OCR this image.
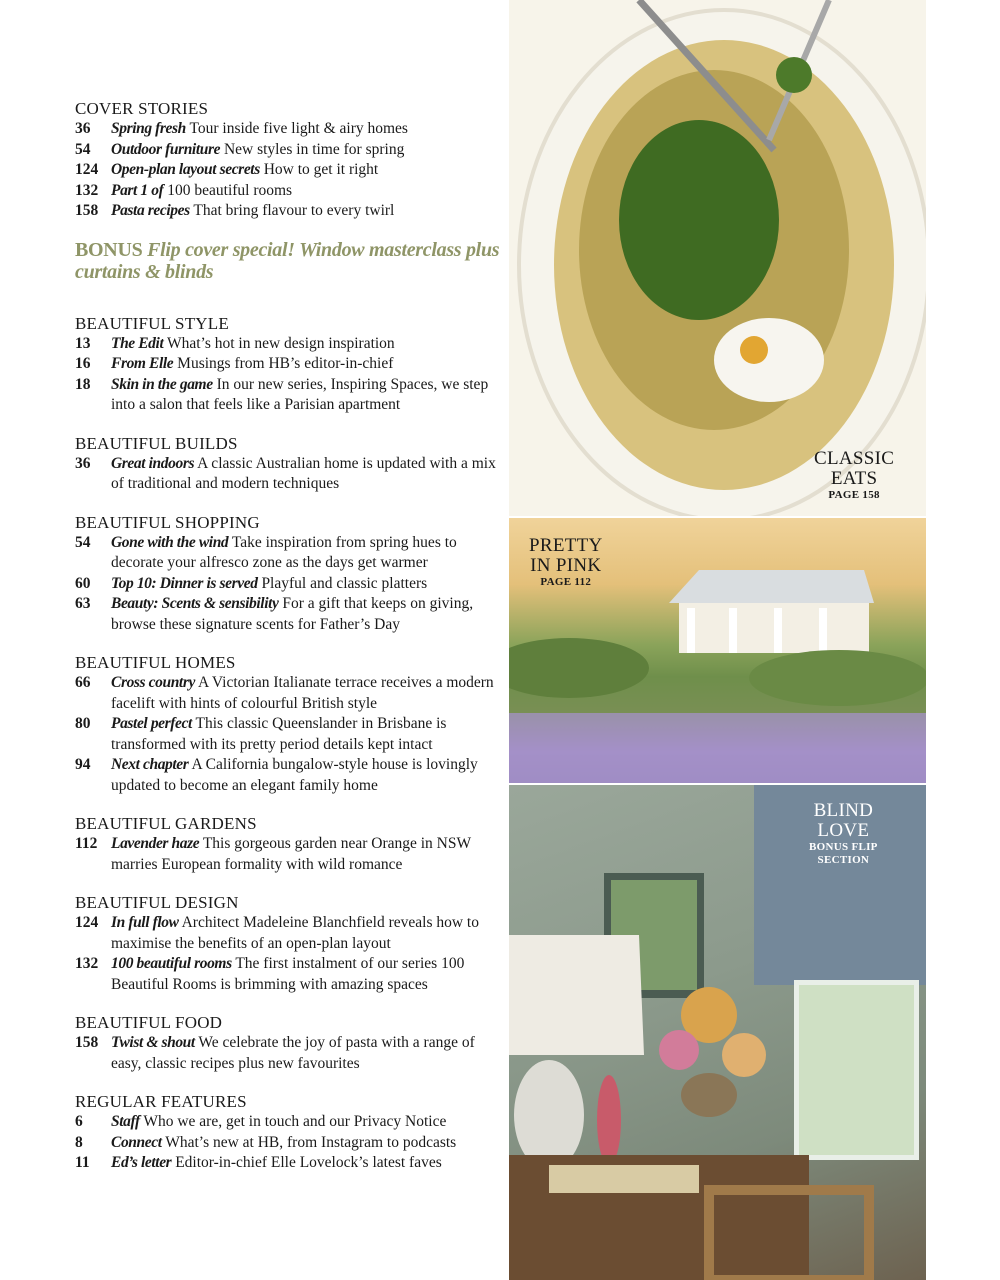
COVER STORIES
36	Spring fresh Tour inside five light & airy homes
54	Outdoor furniture New styles in time for spring
124 Open-plan layout secrets How to get it right
132 Part 1 of 100 beautiful rooms
158 Pasta recipes That bring flavour to every twirl
BONUS Flip cover special! Window masterclass plus curtains & blinds
BEAUTIFUL STYLE
13	The Edit What’s hot in new design inspiration
16	From Elle Musings from HB’s editor-in-chief
18	Skin in the game In our new series, Inspiring Spaces, we step into a salon that feels like a Parisian apartment
BEAUTIFUL BUILDS
36	Great indoors A classic Australian home is updated with a mix of traditional and modern techniques
BEAUTIFUL SHOPPING
54	Gone with the wind Take inspiration from spring hues to decorate your alfresco zone as the days get warmer
60	Top 10: Dinner is served Playful and classic platters
63	Beauty: Scents & sensibility For a gift that keeps on giving, browse these signature scents for Father’s Day
BEAUTIFUL HOMES
66	Cross country A Victorian Italianate terrace receives a modern facelift with hints of colourful British style
80	Pastel perfect This classic Queenslander in Brisbane is transformed with its pretty period details kept intact
94	Next chapter A California bungalow-style house is lovingly updated to become an elegant family home
BEAUTIFUL GARDENS
112 Lavender haze This gorgeous garden near Orange in NSW marries European formality with wild romance
BEAUTIFUL DESIGN
124 In full flow Architect Madeleine Blanchfield reveals how to maximise the benefits of an open-plan layout
132 100 beautiful rooms The first instalment of our series 100 Beautiful Rooms is brimming with amazing spaces
BEAUTIFUL FOOD
158 Twist & shout We celebrate the joy of pasta with a range of easy, classic recipes plus new favourites
REGULAR FEATURES
6	Staff Who we are, get in touch and our Privacy Notice
8	Connect What’s new at HB, from Instagram to podcasts
11	Ed’s letter Editor-in-chief Elle Lovelock’s latest faves
CLASSIC
EATS
PAGE 158
PRETTY
IN PINK
PAGE 112
BLIND
LOVE
BONUS FLIP
SECTION
